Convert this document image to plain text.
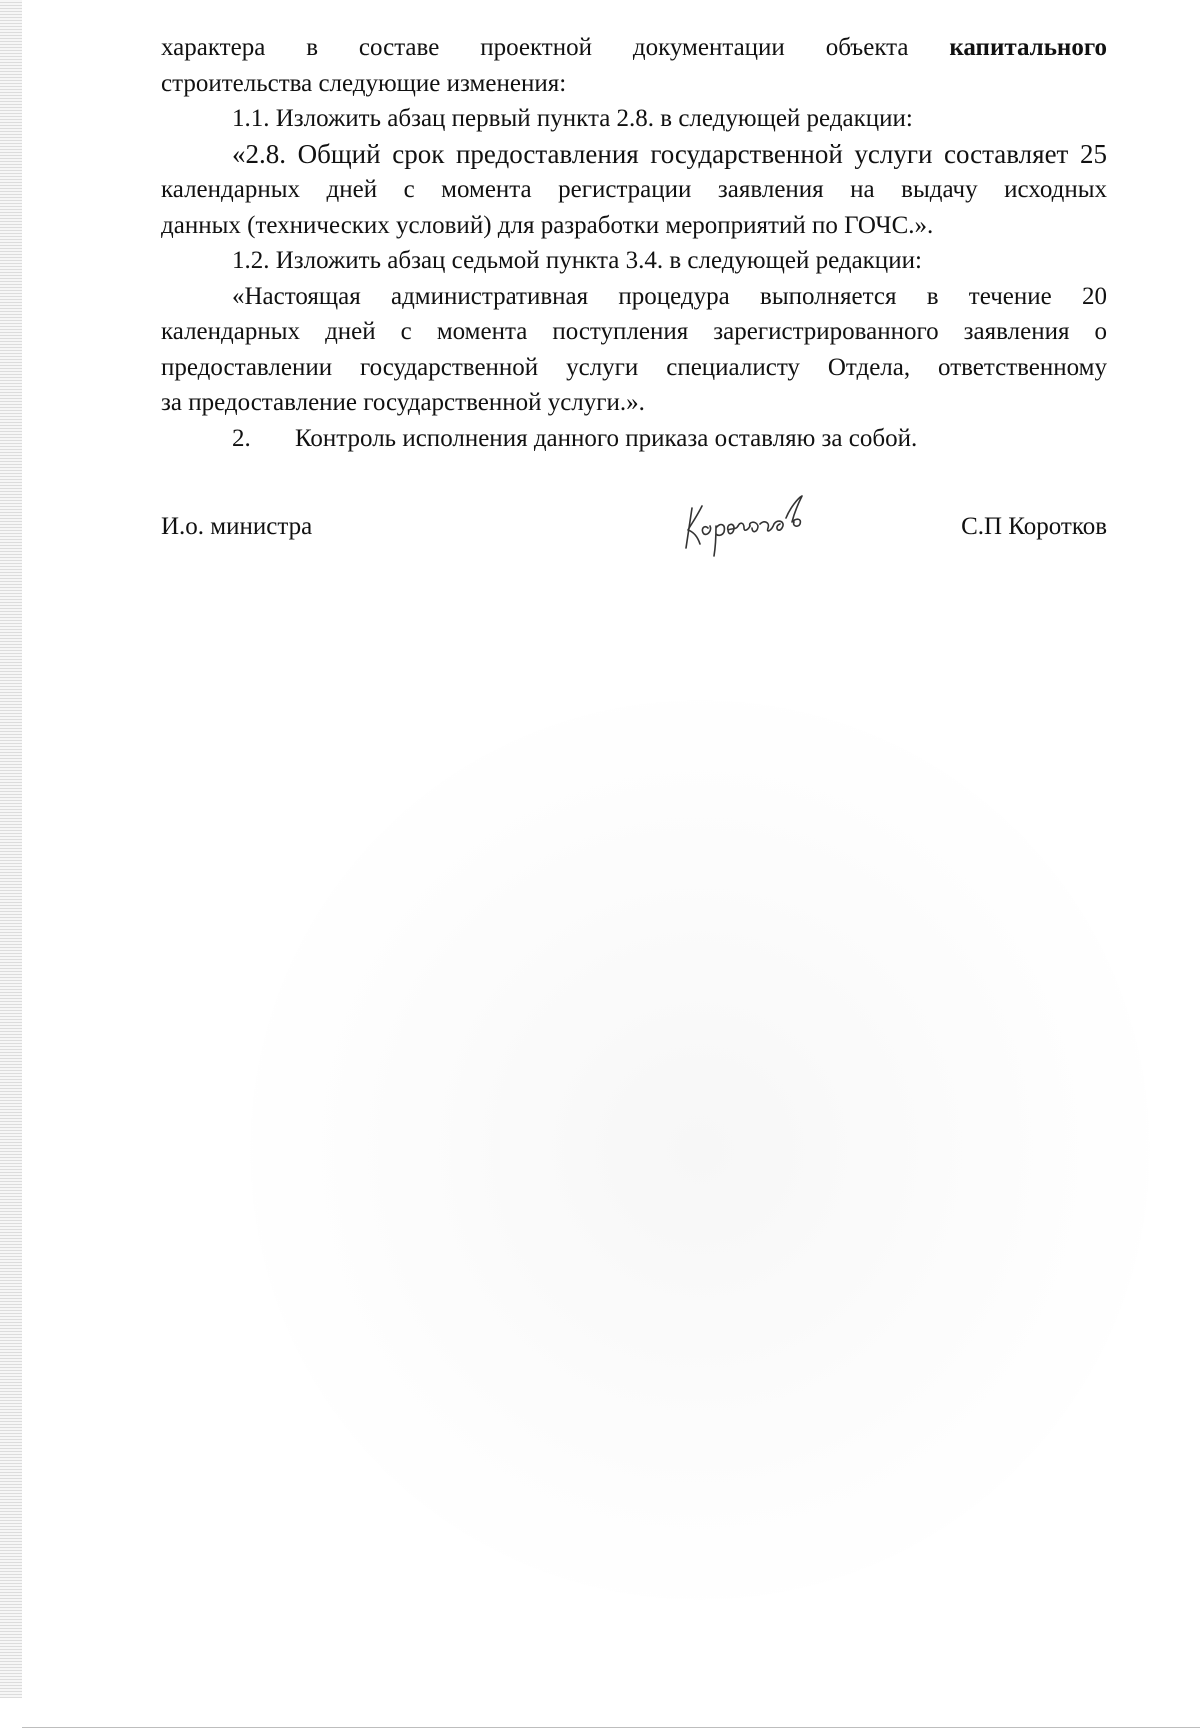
характера в составе проектной документации объекта капитального
строительства следующие изменения:
1.1. Изложить абзац первый пункта 2.8. в следующей редакции:
«2.8. Общий срок предоставления государственной услуги составляет 25
календарных дней с момента регистрации заявления на выдачу исходных
данных (технических условий) для разработки мероприятий по ГОЧС.».
1.2. Изложить абзац седьмой пункта 3.4. в следующей редакции:
«Настоящая административная процедура выполняется в течение 20
календарных дней с момента поступления зарегистрированного заявления о
предоставлении государственной услуги специалисту Отдела, ответственному
за предоставление государственной услуги.».
2. Контроль исполнения данного приказа оставляю за собой.
И.о. министра	С.П Коротков
